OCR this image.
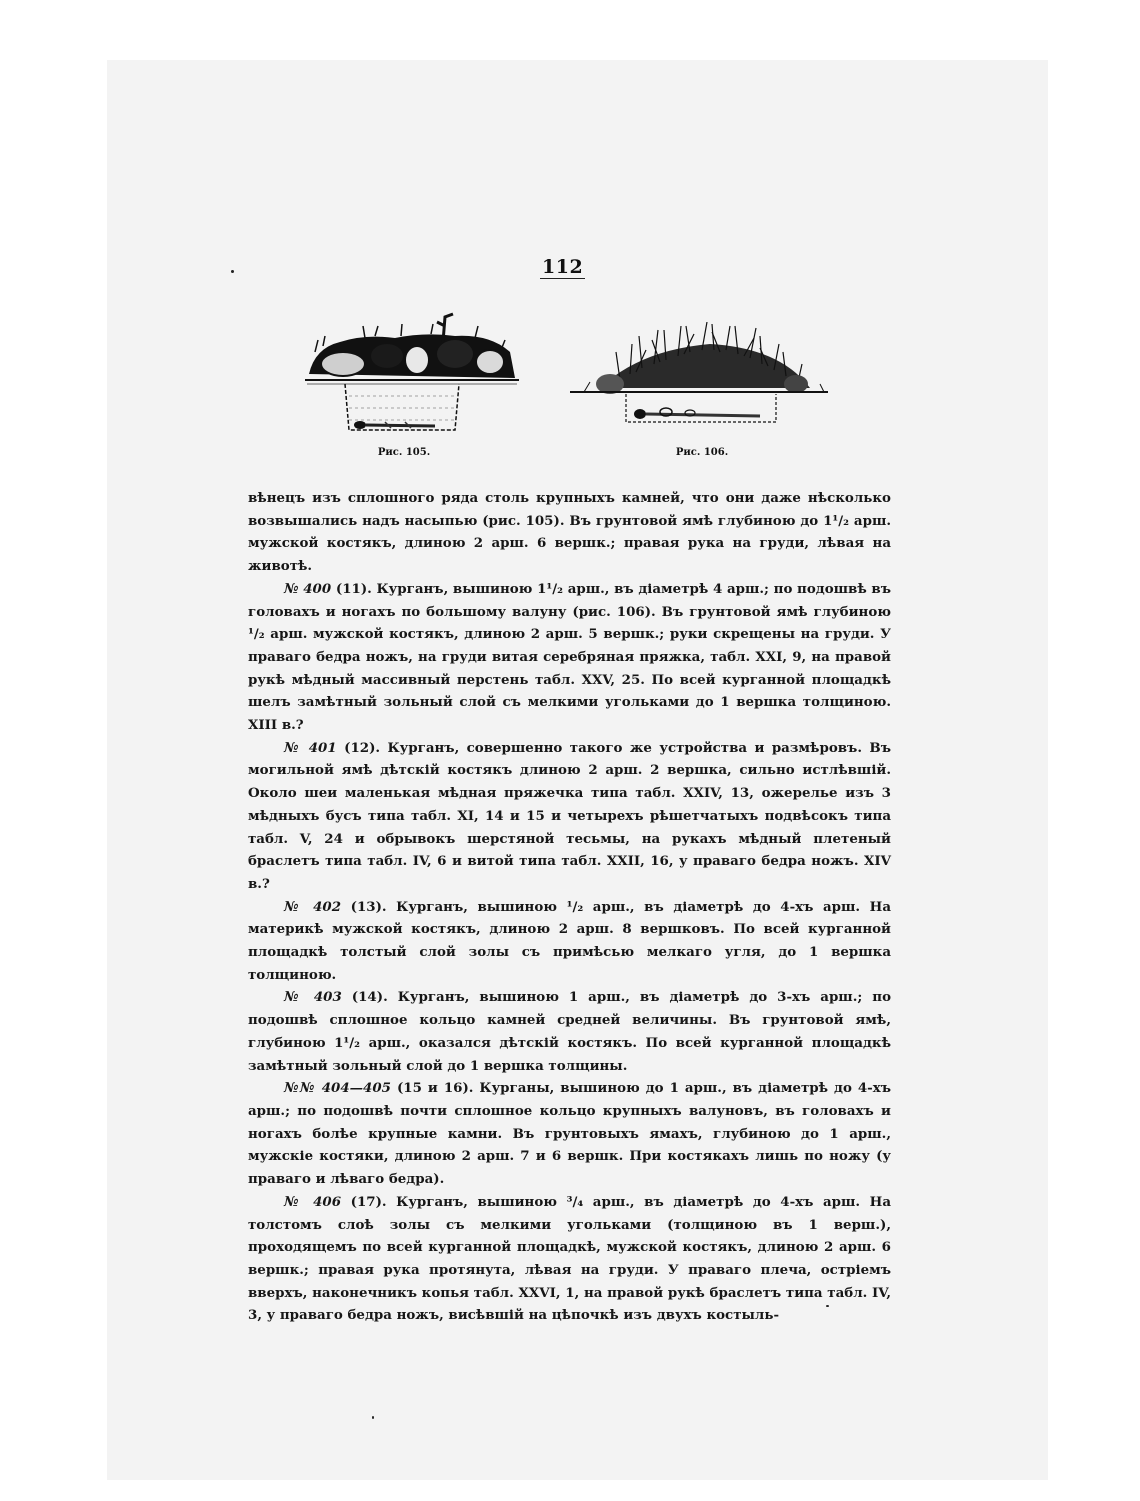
112
Рис. 105.	Рис. 106.

вѣнецъ изъ сплошного ряда столь крупныхъ камней, что они даже нѣсколько возвышались надъ насыпью (рис. 105). Въ грунтовой ямѣ глубиною до 1¹/₂ арш. мужской костякъ, длиною 2 арш. 6 вершк.; правая рука на груди, лѣвая на животѣ.

№ 400 (11). Курганъ, вышиною 1¹/₂ арш., въ діаметрѣ 4 арш.; по подошвѣ въ головахъ и ногахъ по большому валуну (рис. 106). Въ грунтовой ямѣ глубиною ¹/₂ арш. мужской костякъ, длиною 2 арш. 5 вершк.; руки скрещены на груди. У праваго бедра ножъ, на груди витая серебряная пряжка, табл. XXI, 9, на правой рукѣ мѣдный массивный перстень табл. XXV, 25. По всей курганной площадкѣ шелъ замѣтный зольный слой съ мелкими угольками до 1 вершка толщиною. XIII в.?

№ 401 (12). Курганъ, совершенно такого же устройства и размѣровъ. Въ могильной ямѣ дѣтскій костякъ длиною 2 арш. 2 вершка, сильно истлѣвшій. Около шеи маленькая мѣдная пряжечка типа табл. XXIV, 13, ожерелье изъ 3 мѣдныхъ бусъ типа табл. XI, 14 и 15 и четырехъ рѣшетчатыхъ подвѣсокъ типа табл. V, 24 и обрывокъ шерстяной тесьмы, на рукахъ мѣдный плетеный браслетъ типа табл. IV, 6 и витой типа табл. XXII, 16, у праваго бедра ножъ. XIV в.?

№ 402 (13). Курганъ, вышиною ¹/₂ арш., въ діаметрѣ до 4-хъ арш. На материкѣ мужской костякъ, длиною 2 арш. 8 вершковъ. По всей курганной площадкѣ толстый слой золы съ примѣсью мелкаго угля, до 1 вершка толщиною.

№ 403 (14). Курганъ, вышиною 1 арш., въ діаметрѣ до 3-хъ арш.; по подошвѣ сплошное кольцо камней средней величины. Въ грунтовой ямѣ, глубиною 1¹/₂ арш., оказался дѣтскій костякъ. По всей курганной площадкѣ замѣтный зольный слой до 1 вершка толщины.

№№ 404—405 (15 и 16). Курганы, вышиною до 1 арш., въ діаметрѣ до 4-хъ арш.; по подошвѣ почти сплошное кольцо крупныхъ валуновъ, въ головахъ и ногахъ болѣе крупные камни. Въ грунтовыхъ ямахъ, глубиною до 1 арш., мужскіе костяки, длиною 2 арш. 7 и 6 вершк. При костякахъ лишь по ножу (у праваго и лѣваго бедра).

№ 406 (17). Курганъ, вышиною ³/₄ арш., въ діаметрѣ до 4-хъ арш. На толстомъ слоѣ золы съ мелкими угольками (толщиною въ 1 верш.), проходящемъ по всей курганной площадкѣ, мужской костякъ, длиною 2 арш. 6 вершк.; правая рука протянута, лѣвая на груди. У праваго плеча, остріемъ вверхъ, наконечникъ копья табл. XXVI, 1, на правой рукѣ браслетъ типа табл. IV, 3, у праваго бедра ножъ, висѣвшій на цѣпочкѣ изъ двухъ костыль-
